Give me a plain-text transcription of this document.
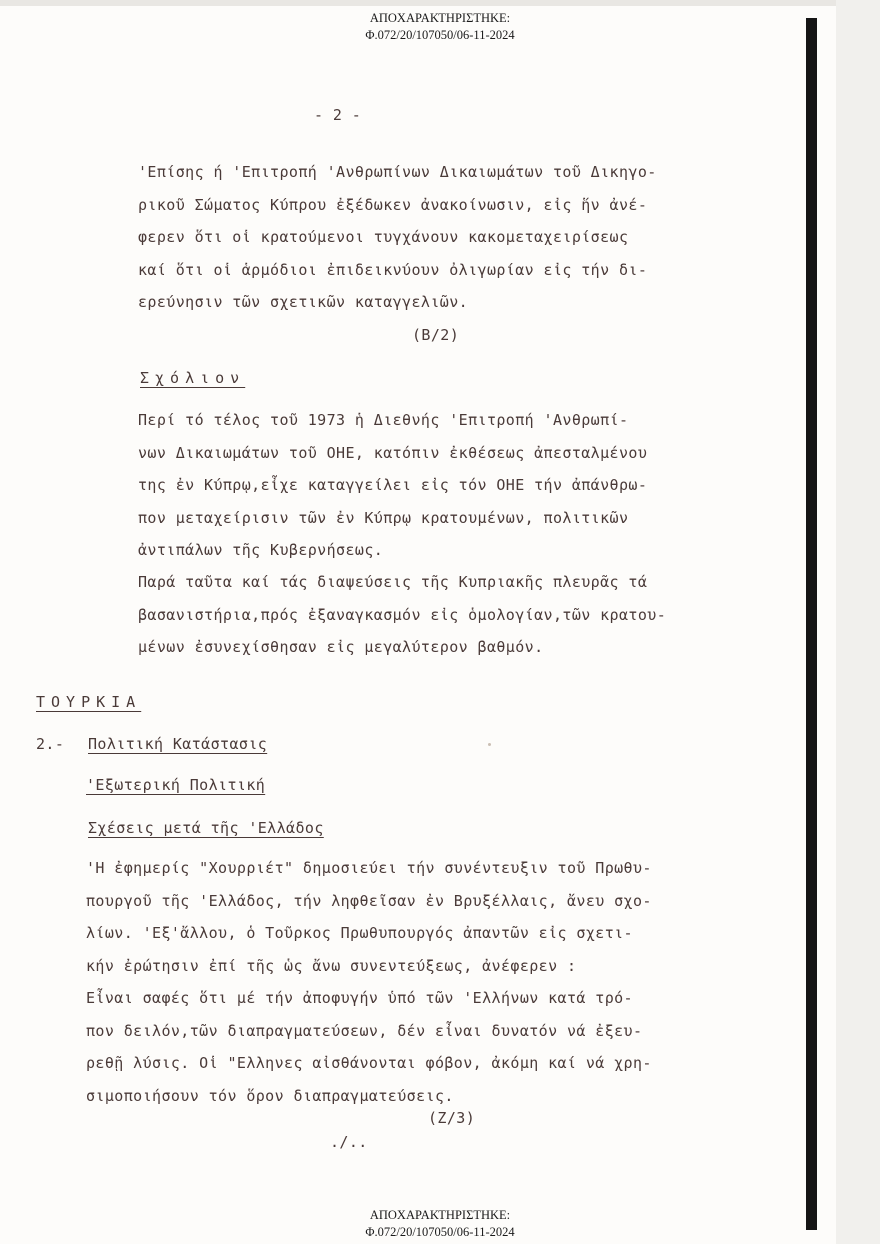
ΑΠΟΧΑΡΑΚΤΗΡΙΣΤΗΚΕ:
Φ.072/20/107050/06-11-2024
- 2 -
'Επίσης ή 'Επιτροπή 'Ανθρωπίνων Δικαιωμάτων τοῦ Δικηγο-
ρικοῦ Σώματος Κύπρου ἐξέδωκεν ἀνακοίνωσιν, εἰς ἥν ἀνέ-
φερεν ὅτι οἱ κρατούμενοι τυγχάνουν κακομεταχειρίσεως
καί ὅτι οἱ ἁρμόδιοι ἐπιδεικνύουν ὀλιγωρίαν εἰς τήν δι-
ερεύνησιν τῶν σχετικῶν καταγγελιῶν.
(Β/2)
Σχόλιον
Περί τό τέλος τοῦ 1973 ἡ Διεθνής 'Επιτροπή 'Ανθρωπί-
νων Δικαιωμάτων τοῦ ΟΗΕ, κατόπιν ἐκθέσεως ἀπεσταλμένου
της ἐν Κύπρῳ,εἶχε καταγγείλει εἰς τόν ΟΗΕ τήν ἀπάνθρω-
πον μεταχείρισιν τῶν ἐν Κύπρῳ κρατουμένων, πολιτικῶν
ἀντιπάλων τῆς Κυβερνήσεως.
Παρά ταῦτα καί τάς διαψεύσεις τῆς Κυπριακῆς πλευρᾶς τά
βασανιστήρια,πρός ἐξαναγκασμόν εἰς ὁμολογίαν,τῶν κρατου-
μένων ἐσυνεχίσθησαν εἰς μεγαλύτερον βαθμόν.
ΤΟΥΡΚΙΑ
2.- Πολιτική Κατάστασις
'Εξωτερική Πολιτική
Σχέσεις μετά τῆς 'Ελλάδος
'Η ἐφημερίς "Χουρριέτ" δημοσιεύει τήν συνέντευξιν τοῦ Πρωθυ-
πουργοῦ τῆς 'Ελλάδος, τήν ληφθεῖσαν ἐν Βρυξέλλαις, ἄνευ σχο-
λίων. 'Εξ'ἄλλου, ὁ Τοῦρκος Πρωθυπουργός ἀπαντῶν εἰς σχετι-
κήν ἐρώτησιν ἐπί τῆς ὡς ἄνω συνεντεύξεως, ἀνέφερεν :
Εἶναι σαφές ὅτι μέ τήν ἀποφυγήν ὑπό τῶν 'Ελλήνων κατά τρό-
πον δειλόν,τῶν διαπραγματεύσεων, δέν εἶναι δυνατόν νά ἐξευ-
ρεθῇ λύσις. Οἱ "Ελληνες αἰσθάνονται φόβον, ἀκόμη καί νά χρη-
σιμοποιήσουν τόν ὅρον διαπραγματεύσεις.
(Ζ/3)
./..
ΑΠΟΧΑΡΑΚΤΗΡΙΣΤΗΚΕ:
Φ.072/20/107050/06-11-2024
